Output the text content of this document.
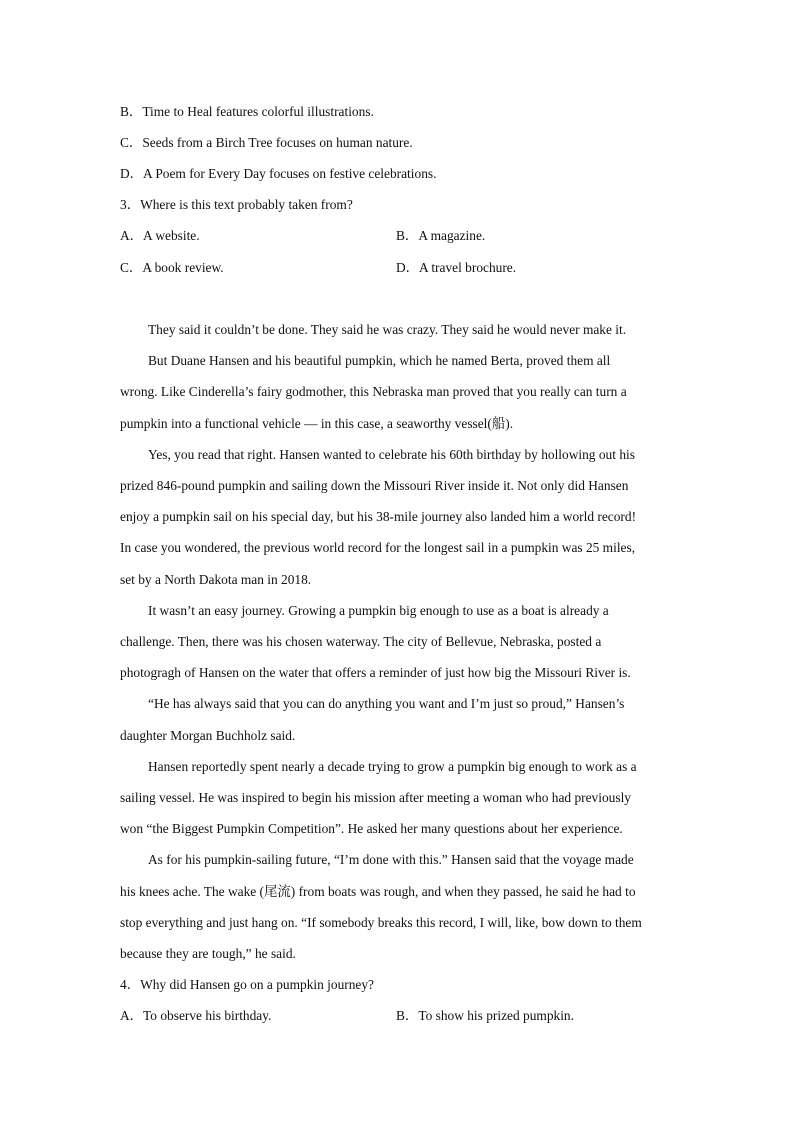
B．Time to Heal features colorful illustrations.
C．Seeds from a Birch Tree focuses on human nature.
D．A Poem for Every Day focuses on festive celebrations.
3．Where is this text probably taken from?
A．A website.	B．A magazine.
C．A book review.	D．A travel brochure.
They said it couldn’t be done. They said he was crazy. They said he would never make it.
But Duane Hansen and his beautiful pumpkin, which he named Berta, proved them all
wrong. Like Cinderella’s fairy godmother, this Nebraska man proved that you really can turn a
pumpkin into a functional vehicle — in this case, a seaworthy vessel(船).
Yes, you read that right. Hansen wanted to celebrate his 60th birthday by hollowing out his
prized 846-pound pumpkin and sailing down the Missouri River inside it. Not only did Hansen
enjoy a pumpkin sail on his special day, but his 38-mile journey also landed him a world record!
In case you wondered, the previous world record for the longest sail in a pumpkin was 25 miles,
set by a North Dakota man in 2018.
It wasn’t an easy journey. Growing a pumpkin big enough to use as a boat is already a
challenge. Then, there was his chosen waterway. The city of Bellevue, Nebraska, posted a
photogragh of Hansen on the water that offers a reminder of just how big the Missouri River is.
“He has always said that you can do anything you want and I’m just so proud,” Hansen’s
daughter Morgan Buchholz said.
Hansen reportedly spent nearly a decade trying to grow a pumpkin big enough to work as a
sailing vessel. He was inspired to begin his mission after meeting a woman who had previously
won “the Biggest Pumpkin Competition”. He asked her many questions about her experience.
As for his pumpkin-sailing future, “I’m done with this.” Hansen said that the voyage made
his knees ache. The wake (尾流) from boats was rough, and when they passed, he said he had to
stop everything and just hang on. “If somebody breaks this record, I will, like, bow down to them
because they are tough,” he said.
4．Why did Hansen go on a pumpkin journey?
A．To observe his birthday.	B．To show his prized pumpkin.
